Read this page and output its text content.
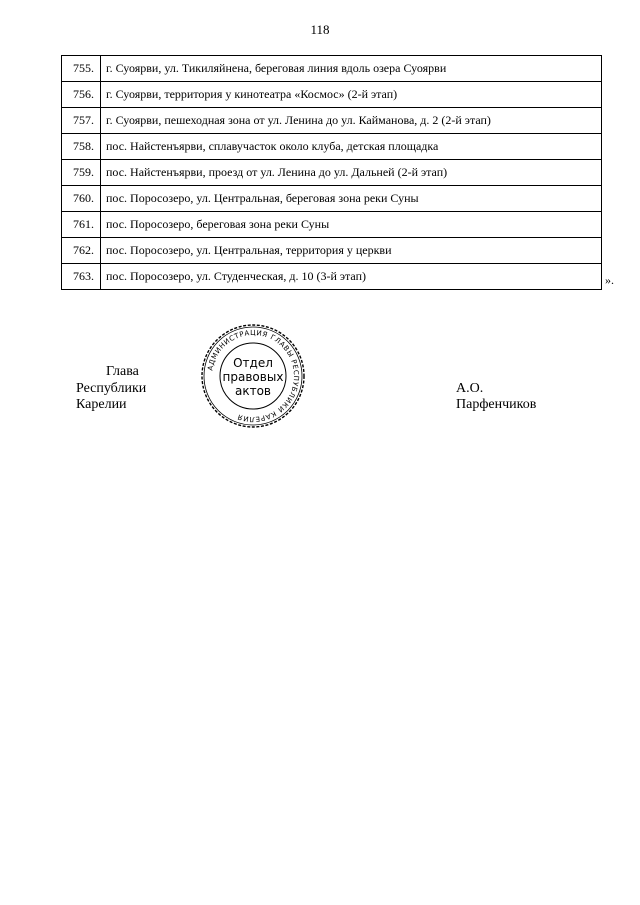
118
755.	г. Суоярви, ул. Тикиляйнена, береговая линия вдоль озера Суоярви
756.	г. Суоярви, территория у кинотеатра «Космос» (2-й этап)
757.	г. Суоярви, пешеходная зона от ул. Ленина до ул. Кайманова, д. 2 (2-й этап)
758.	пос. Найстенъярви, сплавучасток около клуба, детская площадка
759.	пос. Найстенъярви, проезд от ул. Ленина до ул. Дальней (2-й этап)
760.	пос. Поросозеро, ул. Центральная, береговая зона реки Суны
761.	пос. Поросозеро, береговая зона реки Суны
762.	пос. Поросозеро, ул. Центральная, территория у церкви
763.	пос. Поросозеро, ул. Студенческая, д. 10 (3-й этап)	».
Глава
Республики Карелии
А.О. Парфенчиков
АДМИНИСТРАЦИЯ ГЛАВЫ РЕСПУБЛИКИ КАРЕЛИЯ
Отдел
правовых
актов
